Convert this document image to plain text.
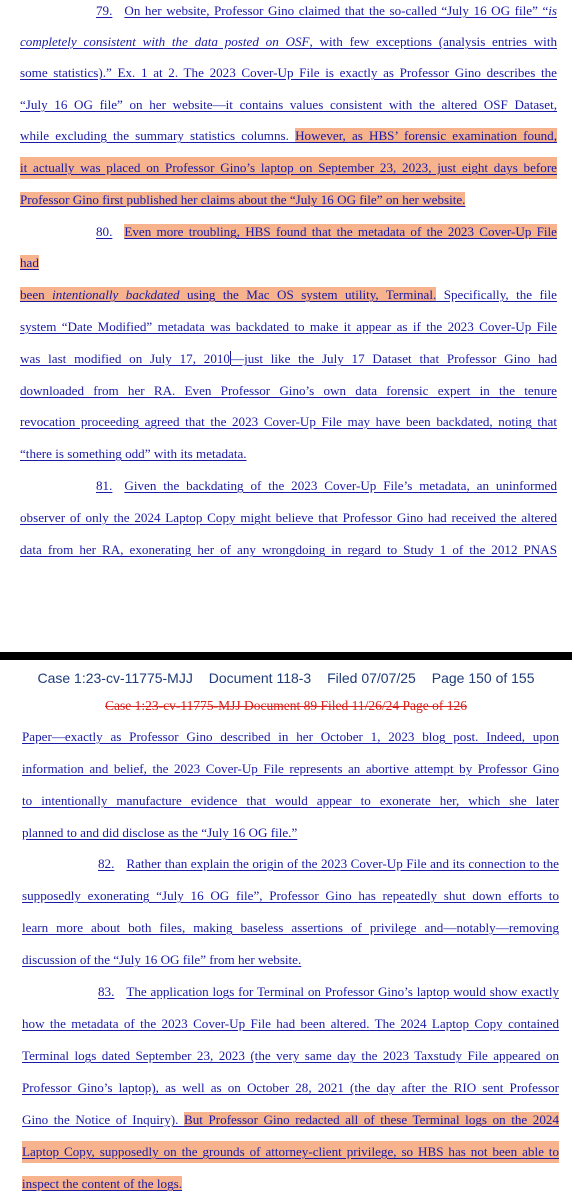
79. On her website, Professor Gino claimed that the so-called “July 16 OG file” “is
completely consistent with the data posted on OSF, with few exceptions (analysis entries with
some statistics).” Ex. 1 at 2. The 2023 Cover-Up File is exactly as Professor Gino describes the
“July 16 OG file” on her website—it contains values consistent with the altered OSF Dataset,
while excluding the summary statistics columns. However, as HBS’ forensic examination found,
it actually was placed on Professor Gino’s laptop on September 23, 2023, just eight days before
Professor Gino first published her claims about the “July 16 OG file” on her website.
80. Even more troubling, HBS found that the metadata of the 2023 Cover-Up File
had
been intentionally backdated using the Mac OS system utility, Terminal. Specifically, the file
system “Date Modified” metadata was backdated to make it appear as if the 2023 Cover-Up File
was last modified on July 17, 2010—just like the July 17 Dataset that Professor Gino had
downloaded from her RA. Even Professor Gino’s own data forensic expert in the tenure
revocation proceeding agreed that the 2023 Cover-Up File may have been backdated, noting that
“there is something odd” with its metadata.
81. Given the backdating of the 2023 Cover-Up File’s metadata, an uninformed
observer of only the 2024 Laptop Copy might believe that Professor Gino had received the altered
data from her RA, exonerating her of any wrongdoing in regard to Study 1 of the 2012 PNAS
Case 1:23-cv-11775-MJJ Document 118-3 Filed 07/07/25 Page 150 of 155
Case 1:23-cv-11775-MJJ Document 89 Filed 11/26/24 Page of 126
Paper—exactly as Professor Gino described in her October 1, 2023 blog post. Indeed, upon
information and belief, the 2023 Cover-Up File represents an abortive attempt by Professor Gino
to intentionally manufacture evidence that would appear to exonerate her, which she later
planned to and did disclose as the “July 16 OG file.”
82. Rather than explain the origin of the 2023 Cover-Up File and its connection to the
supposedly exonerating “July 16 OG file”, Professor Gino has repeatedly shut down efforts to
learn more about both files, making baseless assertions of privilege and—notably—removing
discussion of the “July 16 OG file” from her website.
83. The application logs for Terminal on Professor Gino’s laptop would show exactly
how the metadata of the 2023 Cover-Up File had been altered. The 2024 Laptop Copy contained
Terminal logs dated September 23, 2023 (the very same day the 2023 Taxstudy File appeared on
Professor Gino’s laptop), as well as on October 28, 2021 (the day after the RIO sent Professor
Gino the Notice of Inquiry). But Professor Gino redacted all of these Terminal logs on the 2024
Laptop Copy, supposedly on the grounds of attorney-client privilege, so HBS has not been able to
inspect the content of the logs.
